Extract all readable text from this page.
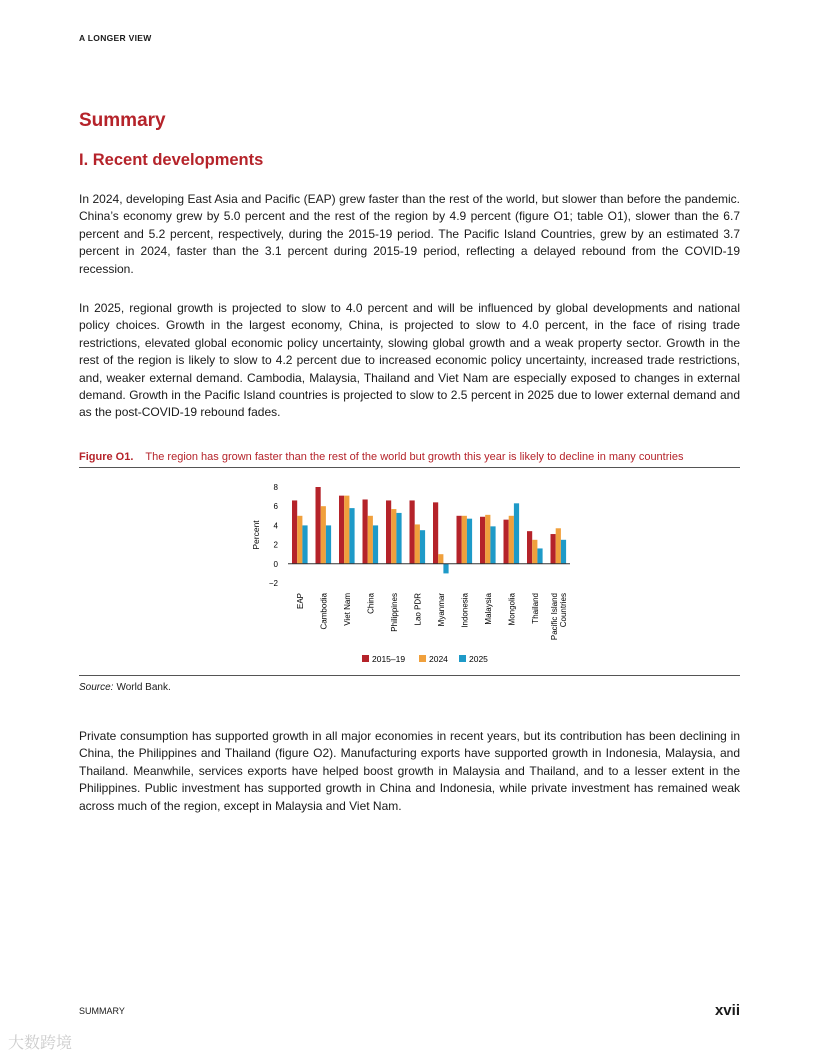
A LONGER VIEW
Summary
I. Recent developments

In 2024, developing East Asia and Pacific (EAP) grew faster than the rest of the world, but slower than before the pandemic. China’s economy grew by 5.0 percent and the rest of the region by 4.9 percent (figure O1; table O1), slower than the 6.7 percent and 5.2 percent, respectively, during the 2015-19 period. The Pacific Island Countries, grew by an estimated 3.7 percent in 2024, faster than the 3.1 percent during 2015-19 period, reflecting a delayed rebound from the COVID-19 recession.

In 2025, regional growth is projected to slow to 4.0 percent and will be influenced by global developments and national policy choices. Growth in the largest economy, China, is projected to slow to 4.0 percent, in the face of rising trade restrictions, elevated global economic policy uncertainty, slowing global growth and a weak property sector. Growth in the rest of the region is likely to slow to 4.2 percent due to increased economic policy uncertainty, increased trade restrictions, and, weaker external demand. Cambodia, Malaysia, Thailand and Viet Nam are especially exposed to changes in external demand. Growth in the Pacific Island countries is projected to slow to 2.5 percent in 2025 due to lower external demand and as the post-COVID-19 rebound fades.

Figure O1. The region has grown faster than the rest of the world but growth this year is likely to decline in many countries
8
6
4
2
0
−2
Percent
EAP Cambodia Viet Nam China Philippines Lao PDR Myanmar Indonesia Malaysia Mongolia Thailand Pacific Island Countries
2015–19	2024 2025
Source: World Bank.

Private consumption has supported growth in all major economies in recent years, but its contribution has been declining in China, the Philippines and Thailand (figure O2). Manufacturing exports have supported growth in Indonesia, Malaysia, and Thailand. Meanwhile, services exports have helped boost growth in Malaysia and Thailand, and to a lesser extent in the Philippines. Public investment has supported growth in China and Indonesia, while private investment has remained weak across much of the region, except in Malaysia and Viet Nam.

SUMMARY	xvii
大数跨境
